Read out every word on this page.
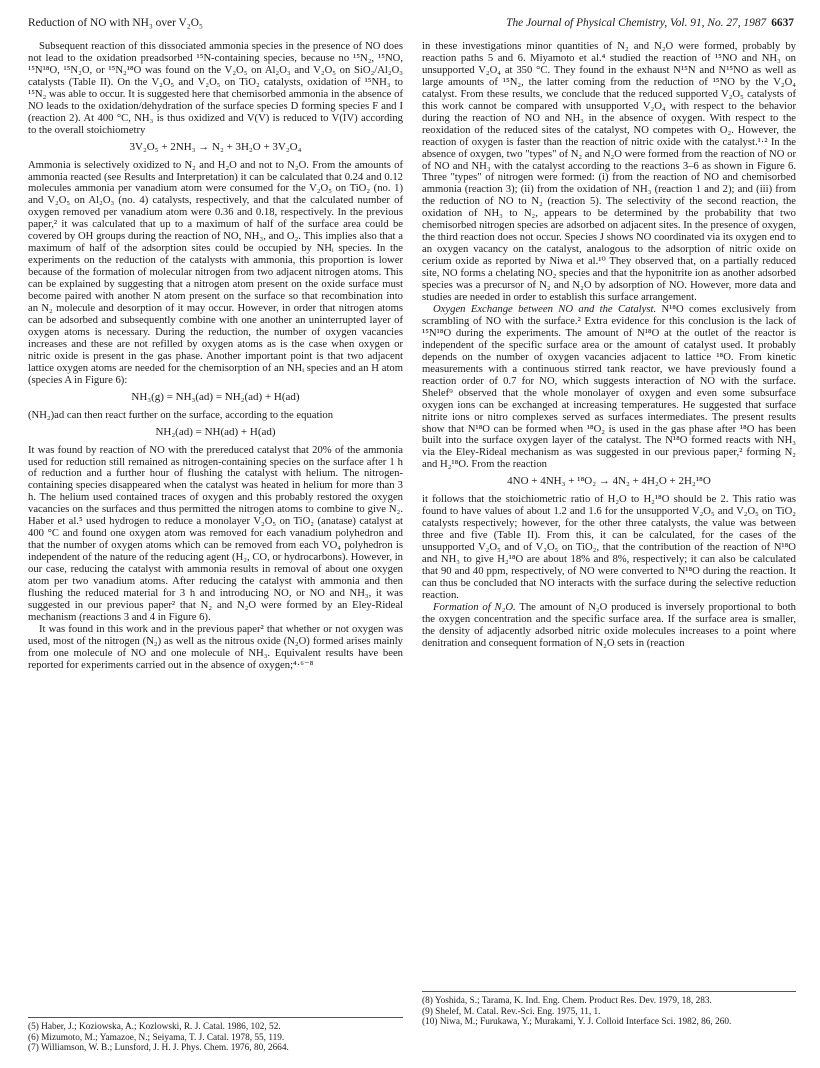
Reduction of NO with NH₃ over V₂O₅	The Journal of Physical Chemistry, Vol. 91, No. 27, 1987 6637

Subsequent reaction of this dissociated ammonia species in the presence of NO does not lead to the oxidation preadsorbed ¹⁵N-containing species, because no ¹⁵N₂, ¹⁵NO, ¹⁵N¹⁸O, ¹⁵N₂O, or ¹⁵N₂¹⁸O was found on the V₂O₅ on Al₂O₃ and V₂O₅ on SiO₂/Al₂O₃ catalysts (Table II). On the V₂O₅ and V₂O₅ on TiO₂ catalysts, oxidation of ¹⁵NH₃ to ¹⁵N₂ was able to occur. It is suggested here that chemisorbed ammonia in the absence of NO leads to the oxidation/dehydration of the surface species D forming species F and I (reaction 2). At 400 °C, NH₃ is thus oxidized and V(V) is reduced to V(IV) according to the overall stoichiometry

3V₂O₅ + 2NH₃ → N₂ + 3H₂O + 3V₂O₄

Ammonia is selectively oxidized to N₂ and H₂O and not to N₂O. From the amounts of ammonia reacted (see Results and Interpretation) it can be calculated that 0.24 and 0.12 molecules ammonia per vanadium atom were consumed for the V₂O₅ on TiO₂ (no. 1) and V₂O₅ on Al₂O₃ (no. 4) catalysts, respectively, and that the calculated number of oxygen removed per vanadium atom were 0.36 and 0.18, respectively. In the previous paper,² it was calculated that up to a maximum of half of the surface area could be covered by OH groups during the reaction of NO, NH₃, and O₂. This implies also that a maximum of half of the adsorption sites could be occupied by NHᵢ species. In the experiments on the reduction of the catalysts with ammonia, this proportion is lower because of the formation of molecular nitrogen from two adjacent nitrogen atoms. This can be explained by suggesting that a nitrogen atom present on the oxide surface must become paired with another N atom present on the surface so that recombination into an N₂ molecule and desorption of it may occur. However, in order that nitrogen atoms can be adsorbed and subsequently combine with one another an uninterrupted layer of oxygen atoms is necessary. During the reduction, the number of oxygen vacancies increases and these are not refilled by oxygen atoms as is the case when oxygen or nitric oxide is present in the gas phase. Another important point is that two adjacent lattice oxygen atoms are needed for the chemisorption of an NHᵢ species and an H atom (species A in Figure 6):

NH₃(g) = NH₃(ad) = NH₂(ad) + H(ad)

(NH₂)ad can then react further on the surface, according to the equation

NH₂(ad) = NH(ad) + H(ad)

It was found by reaction of NO with the prereduced catalyst that 20% of the ammonia used for reduction still remained as nitrogen-containing species on the surface after 1 h of reduction and a further hour of flushing the catalyst with helium. The nitrogen-containing species disappeared when the catalyst was heated in helium for more than 3 h. The helium used contained traces of oxygen and this probably restored the oxygen vacancies on the surfaces and thus permitted the nitrogen atoms to combine to give N₂. Haber et al.⁵ used hydrogen to reduce a monolayer V₂O₅ on TiO₂ (anatase) catalyst at 400 °C and found one oxygen atom was removed for each vanadium polyhedron and that the number of oxygen atoms which can be removed from each VO₄ polyhedron is independent of the nature of the reducing agent (H₂, CO, or hydrocarbons). However, in our case, reducing the catalyst with ammonia results in removal of about one oxygen atom per two vanadium atoms. After reducing the catalyst with ammonia and then flushing the reduced material for 3 h and introducing NO, or NO and NH₃, it was suggested in our previous paper² that N₂ and N₂O were formed by an Eley-Rideal mechanism (reactions 3 and 4 in Figure 6).

It was found in this work and in the previous paper² that whether or not oxygen was used, most of the nitrogen (N₂) as well as the nitrous oxide (N₂O) formed arises mainly from one molecule of NO and one molecule of NH₃. Equivalent results have been reported for experiments carried out in the absence of oxygen;⁴·⁶⁻⁸

(5) Haber, J.; Koziowska, A.; Kozlowski, R. J. Catal. 1986, 102, 52.

(6) Mizumoto, M.; Yamazoe, N.; Seiyama, T. J. Catal. 1978, 55, 119.

(7) Williamson, W. B.; Lunsford, J. H. J. Phys. Chem. 1976, 80, 2664.

in these investigations minor quantities of N₂ and N₂O were formed, probably by reaction paths 5 and 6. Miyamoto et al.⁴ studied the reaction of ¹⁵NO and NH₃ on unsupported V₂O₄ at 350 °C. They found in the exhaust N¹⁵N and N¹⁵NO as well as large amounts of ¹⁵N₂, the latter coming from the reduction of ¹⁵NO by the V₂O₄ catalyst. From these results, we conclude that the reduced supported V₂O₅ catalysts of this work cannot be compared with unsupported V₂O₄ with respect to the behavior during the reaction of NO and NH₃ in the absence of oxygen. With respect to the reoxidation of the reduced sites of the catalyst, NO competes with O₂. However, the reaction of oxygen is faster than the reaction of nitric oxide with the catalyst.¹·² In the absence of oxygen, two "types" of N₂ and N₂O were formed from the reaction of NO or of NO and NH₃ with the catalyst according to the reactions 3–6 as shown in Figure 6. Three "types" of nitrogen were formed: (i) from the reaction of NO and chemisorbed ammonia (reaction 3); (ii) from the oxidation of NH₃ (reaction 1 and 2); and (iii) from the reduction of NO to N₂ (reaction 5). The selectivity of the second reaction, the oxidation of NH₃ to N₂, appears to be determined by the probability that two chemisorbed nitrogen species are adsorbed on adjacent sites. In the presence of oxygen, the third reaction does not occur. Species J shows NO coordinated via its oxygen end to an oxygen vacancy on the catalyst, analogous to the adsorption of nitric oxide on cerium oxide as reported by Niwa et al.¹⁰ They observed that, on a partially reduced site, NO forms a chelating NO₂ species and that the hyponitrite ion as another adsorbed species was a precursor of N₂ and N₂O by adsorption of NO. However, more data and studies are needed in order to establish this surface arrangement.

Oxygen Exchange between NO and the Catalyst. N¹⁸O comes exclusively from scrambling of NO with the surface.² Extra evidence for this conclusion is the lack of ¹⁵N¹⁸O during the experiments. The amount of N¹⁸O at the outlet of the reactor is independent of the specific surface area or the amount of catalyst used. It probably depends on the number of oxygen vacancies adjacent to lattice ¹⁸O. From kinetic measurements with a continuous stirred tank reactor, we have previously found a reaction order of 0.7 for NO, which suggests interaction of NO with the surface. Shelef⁹ observed that the whole monolayer of oxygen and even some subsurface oxygen ions can be exchanged at increasing temperatures. He suggested that surface nitrite ions or nitro complexes served as surfaces intermediates. The present results show that N¹⁸O can be formed when ¹⁸O₂ is used in the gas phase after ¹⁸O has been built into the surface oxygen layer of the catalyst. The N¹⁸O formed reacts with NH₃ via the Eley-Rideal mechanism as was suggested in our previous paper,² forming N₂ and H₂¹⁸O. From the reaction

4NO + 4NH₃ + ¹⁸O₂ → 4N₂ + 4H₂O + 2H₂¹⁸O

it follows that the stoichiometric ratio of H₂O to H₂¹⁸O should be 2. This ratio was found to have values of about 1.2 and 1.6 for the unsupported V₂O₅ and V₂O₅ on TiO₂ catalysts respectively; however, for the other three catalysts, the value was between three and five (Table II). From this, it can be calculated, for the cases of the unsupported V₂O₅ and of V₂O₅ on TiO₂, that the contribution of the reaction of N¹⁸O and NH₃ to give H₂¹⁸O are about 18% and 8%, respectively; it can also be calculated that 90 and 40 ppm, respectively, of NO were converted to N¹⁸O during the reaction. It can thus be concluded that NO interacts with the surface during the selective reduction reaction.

Formation of N₂O. The amount of N₂O produced is inversely proportional to both the oxygen concentration and the specific surface area. If the surface area is smaller, the density of adjacently adsorbed nitric oxide molecules increases to a point where denitration and consequent formation of N₂O sets in (reaction

(8) Yoshida, S.; Tarama, K. Ind. Eng. Chem. Product Res. Dev. 1979, 18, 283.

(9) Shelef, M. Catal. Rev.-Sci. Eng. 1975, 11, 1.

(10) Niwa, M.; Furukawa, Y.; Murakami, Y. J. Colloid Interface Sci. 1982, 86, 260.
